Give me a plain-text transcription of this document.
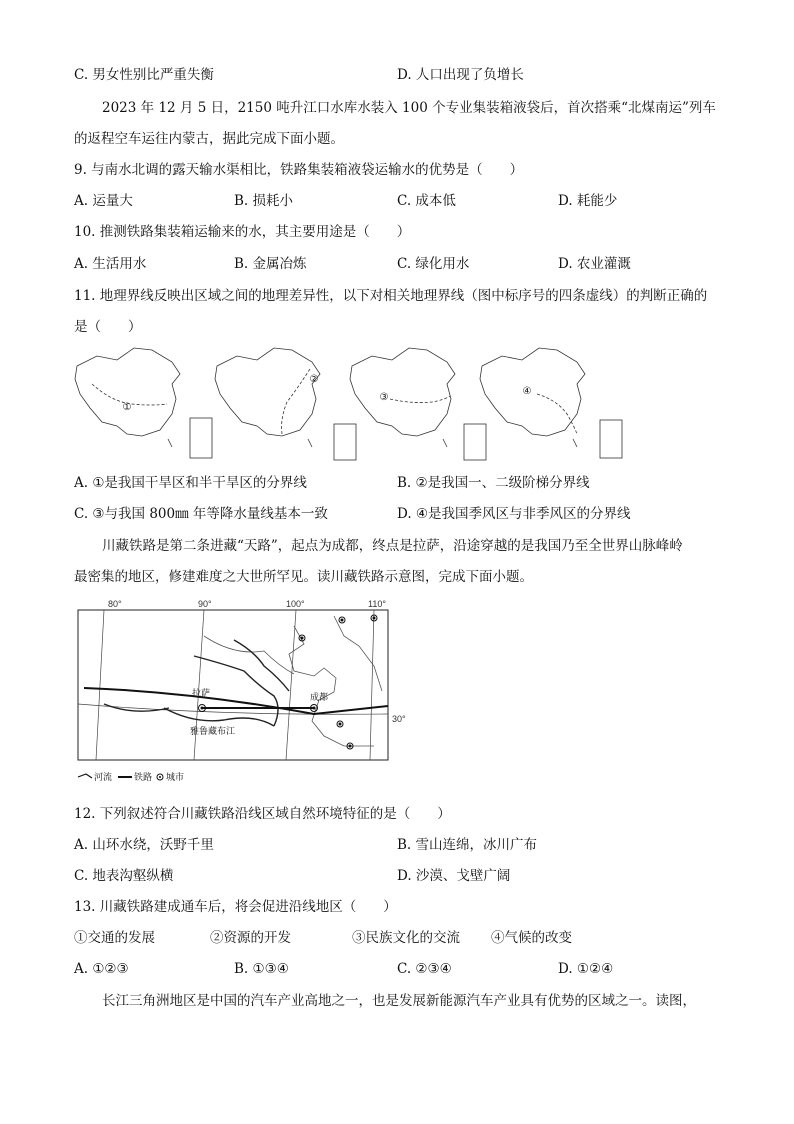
C. 男女性别比严重失衡	D. 人口出现了负增长
2023 年 12 月 5 日，2150 吨升江口水库水装入 100 个专业集装箱液袋后，首次搭乘“北煤南运”列车
的返程空车运往内蒙古，据此完成下面小题。
9. 与南水北调的露天输水渠相比，铁路集装箱液袋运输水的优势是（　　）
A. 运量大	B. 损耗小	C. 成本低	D. 耗能少
10. 推测铁路集装箱运输来的水，其主要用途是（　　）
A. 生活用水	B. 金属冶炼	C. 绿化用水	D. 农业灌溉
11. 地理界线反映出区域之间的地理差异性，以下对相关地理界线（图中标序号的四条虚线）的判断正确的
是（　　）
①
②
③
④
A. ①是我国干旱区和半干旱区的分界线	B. ②是我国一、二级阶梯分界线
C. ③与我国 800㎜ 年等降水量线基本一致	D. ④是我国季风区与非季风区的分界线
川藏铁路是第二条进藏“天路”，起点为成都，终点是拉萨，沿途穿越的是我国乃至全世界山脉峰岭
最密集的地区，修建难度之大世所罕见。读川藏铁路示意图，完成下面小题。
80°	90°	100°	110°
30°
拉萨	成都
雅鲁藏布江
河流 铁路 城市
12. 下列叙述符合川藏铁路沿线区域自然环境特征的是（　　）
A. 山环水绕，沃野千里	B. 雪山连绵，冰川广布
C. 地表沟壑纵横	D. 沙漠、戈壁广阔
13. 川藏铁路建成通车后，将会促进沿线地区（　　）
①交通的发展	②资源的开发	③民族文化的交流 ④气候的改变
A. ①②③	B. ①③④	C. ②③④	D. ①②④
长江三角洲地区是中国的汽车产业高地之一，也是发展新能源汽车产业具有优势的区域之一。读图，
